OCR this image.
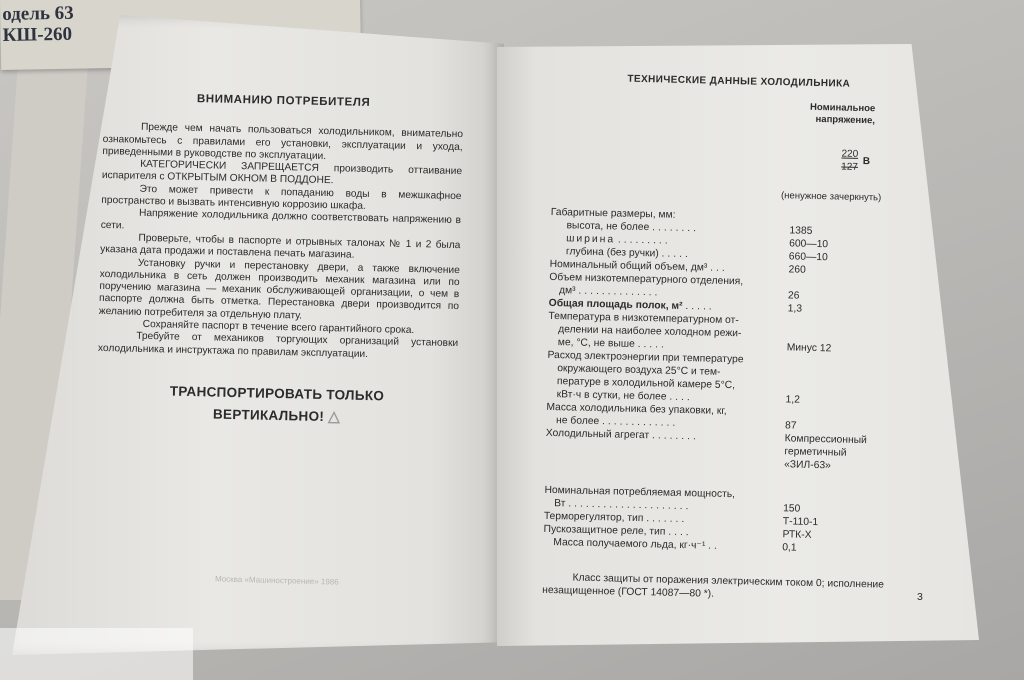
одель 63
КШ-260
ВНИМАНИЮ ПОТРЕБИТЕЛЯ

Прежде чем начать пользоваться холодильником, внимательно ознакомьтесь с правилами его установки, эксплуатации и ухода, приведенными в руководстве по эксплуатации.

КАТЕГОРИЧЕСКИ ЗАПРЕЩАЕТСЯ производить оттаивание испарителя с ОТКРЫТЫМ ОКНОМ В ПОДДОНЕ.

Это может привести к попаданию воды в межшкафное пространство и вызвать интенсивную коррозию шкафа.

Напряжение холодильника должно соответствовать напряжению в сети.

Проверьте, чтобы в паспорте и отрывных талонах № 1 и 2 была указана дата продажи и поставлена печать магазина.

Установку ручки и перестановку двери, а также включение холодильника в сеть должен производить механик магазина или по поручению магазина — механик обслуживающей организации, о чем в паспорте должна быть отметка. Перестановка двери производится по желанию потребителя за отдельную плату.

Сохраняйте паспорт в течение всего гарантийного срока.

Требуйте от механиков торгующих организаций установки холодильника и инструктажа по правилам эксплуатации.

ТРАНСПОРТИРОВАТЬ ТОЛЬКО
ВЕРТИКАЛЬНО! △
Москва «Машиностроение» 1986
ТЕХНИЧЕСКИЕ ДАННЫЕ ХОЛОДИЛЬНИКА
Номинальное
напряжение,
$\frac{220}{127}$ В
(ненужное зачеркнуть)
Габаритные размеры, мм:
высота, не более ........	1385
ширина .........	600—10
глубина (без ручки) .....	660—10
Номинальный общий объем, дм³ ...	260
Объем низкотемпературного отделения,
дм³ ..............	26
Общая площадь полок, м² .....	1,3
Температура в низкотемпературном от-
делении на наиболее холодном режи-
ме, °С, не выше .....	Минус 12
Расход электроэнергии при температуре
окружающего воздуха 25°С и тем-
пературе в холодильной камере 5°С,
кВт·ч в сутки, не более ....	1,2
Масса холодильника без упаковки, кг,
не более .............	87
Холодильный агрегат ........	Компрессионный
герметичный
«ЗИЛ-63»
Номинальная потребляемая мощность,
Вт .....................	150
Терморегулятор, тип .......	Т-110-1
Пускозащитное реле, тип ....	РТК-Х
Масса получаемого льда, кг·ч⁻¹ ..	0,1
Класс защиты от поражения электрическим током 0; исполнение незащищенное (ГОСТ 14087—80 *).	3
